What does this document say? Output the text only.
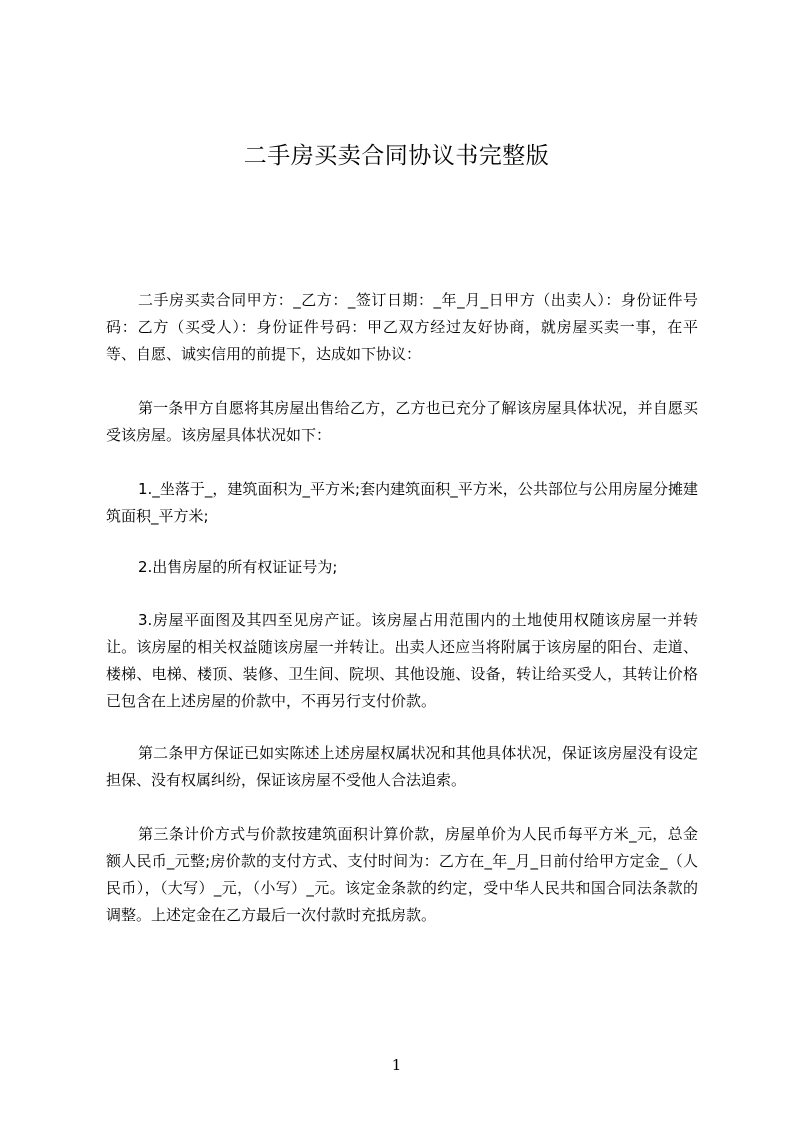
二手房买卖合同协议书完整版

二手房买卖合同甲方：_乙方：_签订日期：_年_月_日甲方（出卖人）：身份证件号码：乙方（买受人）：身份证件号码：甲乙双方经过友好协商，就房屋买卖一事，在平等、自愿、诚实信用的前提下，达成如下协议：

第一条甲方自愿将其房屋出售给乙方，乙方也已充分了解该房屋具体状况，并自愿买受该房屋。该房屋具体状况如下：

1._坐落于_，建筑面积为_平方米;套内建筑面积_平方米，公共部位与公用房屋分摊建筑面积_平方米;

2.出售房屋的所有权证证号为;

3.房屋平面图及其四至见房产证。该房屋占用范围内的土地使用权随该房屋一并转让。该房屋的相关权益随该房屋一并转让。出卖人还应当将附属于该房屋的阳台、走道、楼梯、电梯、楼顶、装修、卫生间、院坝、其他设施、设备，转让给买受人，其转让价格已包含在上述房屋的价款中，不再另行支付价款。

第二条甲方保证已如实陈述上述房屋权属状况和其他具体状况，保证该房屋没有设定担保、没有权属纠纷，保证该房屋不受他人合法追索。

第三条计价方式与价款按建筑面积计算价款，房屋单价为人民币每平方米_元，总金额人民币_元整;房价款的支付方式、支付时间为：乙方在_年_月_日前付给甲方定金_（人民币），（大写）_元，（小写）_元。该定金条款的约定，受中华人民共和国合同法条款的调整。上述定金在乙方最后一次付款时充抵房款。

1
